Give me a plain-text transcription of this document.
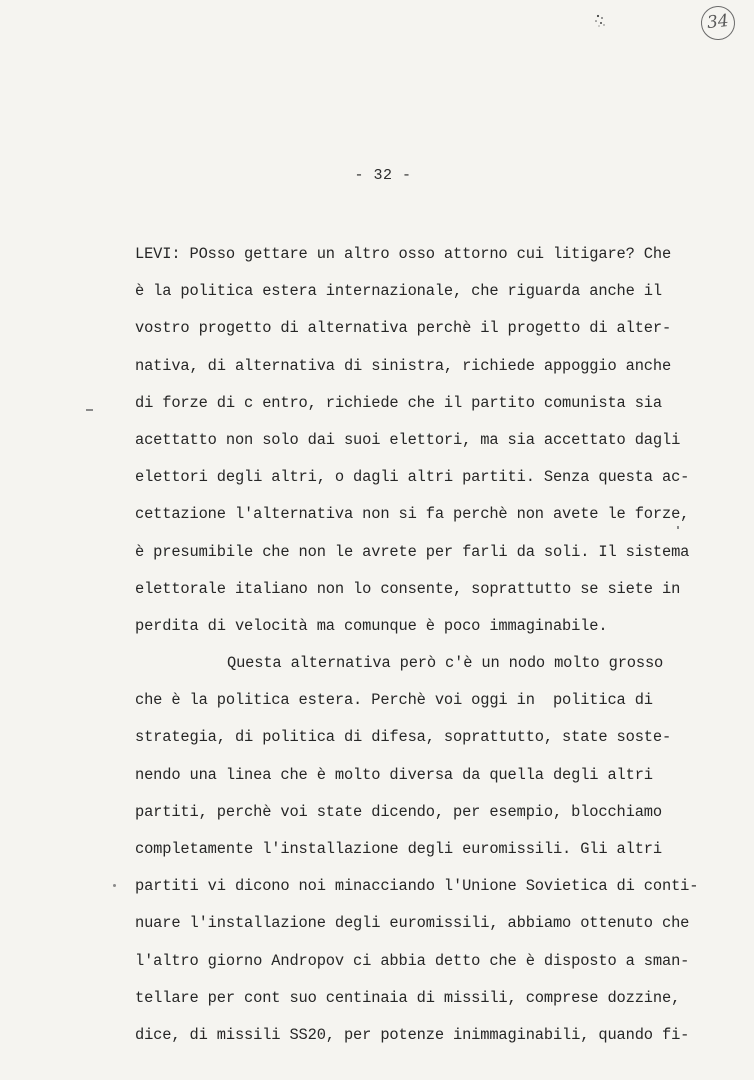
34
- 32 -
LEVI: POsso gettare un altro osso attorno cui litigare? Che
è la politica estera internazionale, che riguarda anche il
vostro progetto di alternativa perchè il progetto di alter-
nativa, di alternativa di sinistra, richiede appoggio anche
di forze di c entro, richiede che il partito comunista sia
acettatto non solo dai suoi elettori, ma sia accettato dagli
elettori degli altri, o dagli altri partiti. Senza questa ac-
cettazione l'alternativa non si fa perchè non avete le forze,
è presumibile che non le avrete per farli da soli. Il sistema
elettorale italiano non lo consente, soprattutto se siete in
perdita di velocità ma comunque è poco immaginabile.
Questa alternativa però c'è un nodo molto grosso
che è la politica estera. Perchè voi oggi in  politica di
strategia, di politica di difesa, soprattutto, state soste-
nendo una linea che è molto diversa da quella degli altri
partiti, perchè voi state dicendo, per esempio, blocchiamo
completamente l'installazione degli euromissili. Gli altri
partiti vi dicono noi minacciando l'Unione Sovietica di conti-
nuare l'installazione degli euromissili, abbiamo ottenuto che
l'altro giorno Andropov ci abbia detto che è disposto a sman-
tellare per cont suo centinaia di missili, comprese dozzine,
dice, di missili SS20, per potenze inimmaginabili, quando fi-
